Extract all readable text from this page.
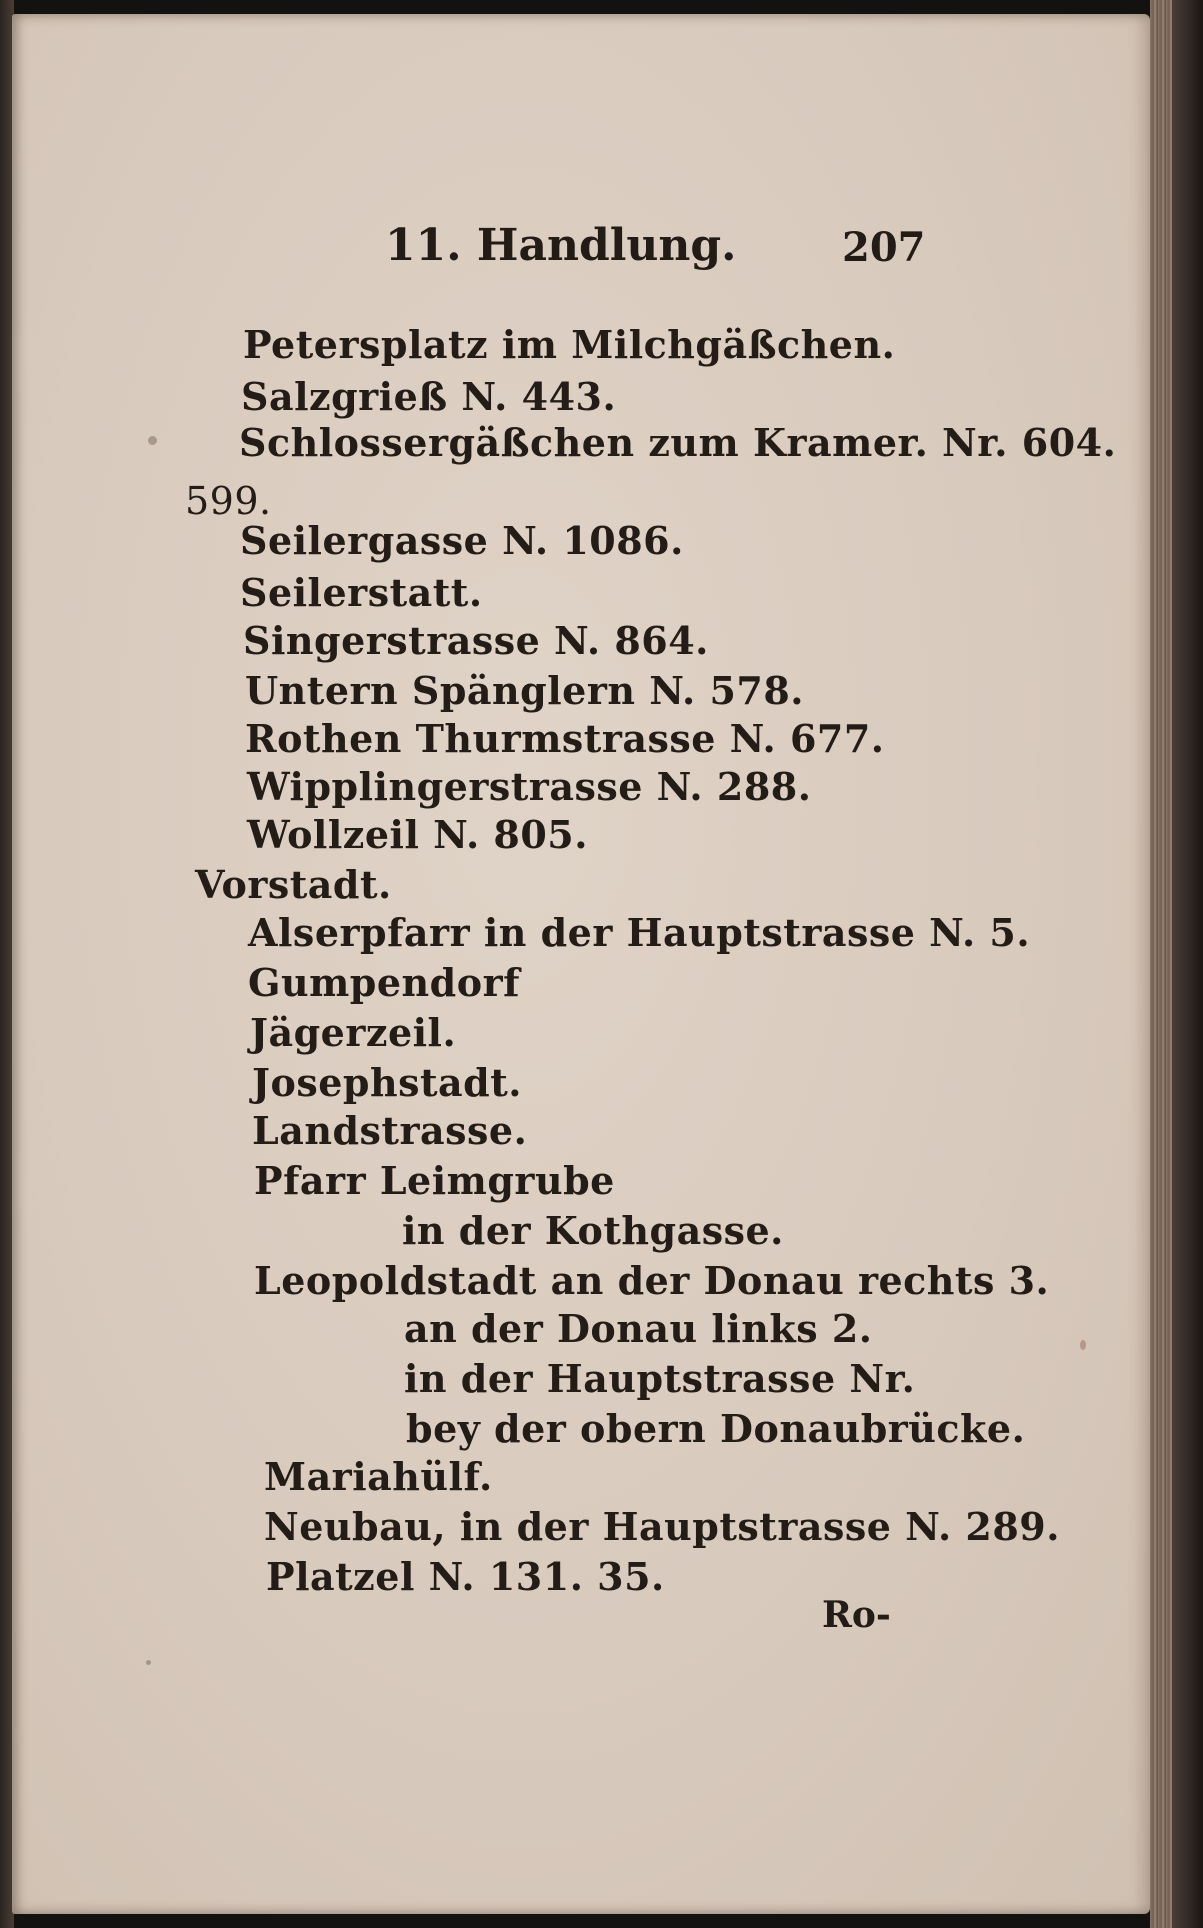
11. Handlung.	207

Petersplatz im Milchgäßchen.

Salzgrieß N. 443.

Schlossergäßchen zum Kramer. Nr. 604.

599.

Seilergasse N. 1086.

Seilerstatt.

Singerstrasse N. 864.

Untern Spänglern N. 578.

Rothen Thurmstrasse N. 677.

Wipplingerstrasse N. 288.

Wollzeil N. 805.

Vorstadt.

Alserpfarr in der Hauptstrasse N. 5.

Gumpendorf

Jägerzeil.

Josephstadt.

Landstrasse.

Pfarr Leimgrube

in der Kothgasse.

Leopoldstadt an der Donau rechts 3.

an der Donau links 2.

in der Hauptstrasse Nr.

bey der obern Donaubrücke.

Mariahülf.

Neubau, in der Hauptstrasse N. 289.

Platzel N. 131. 35.

Ro-
